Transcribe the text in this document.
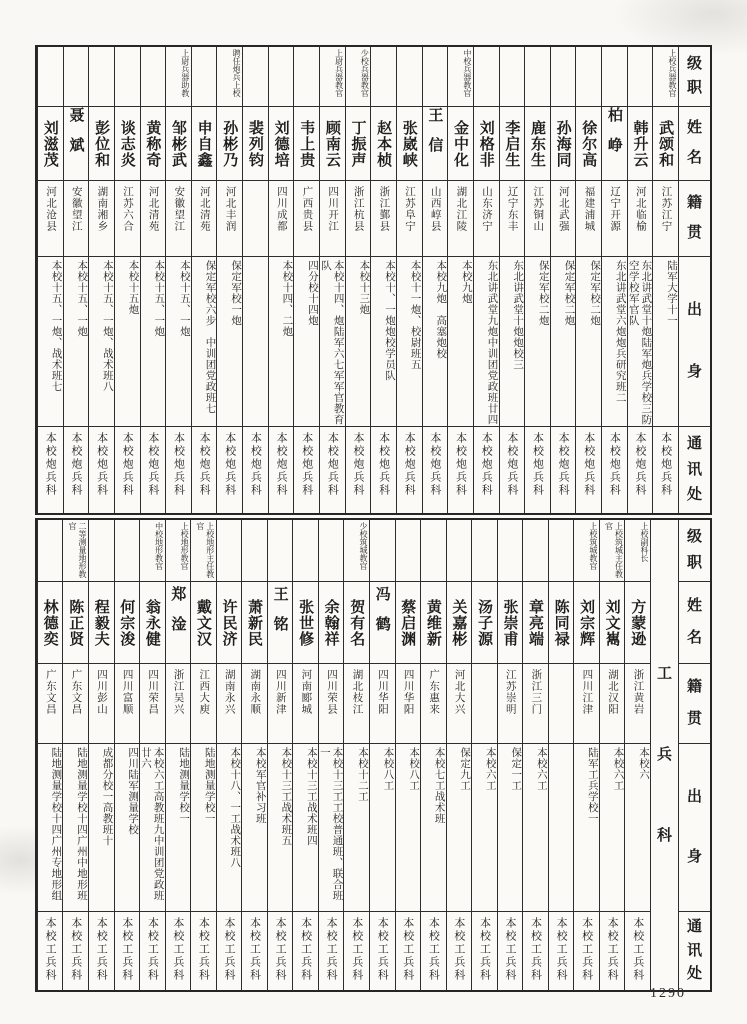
级
职
姓
名
籍
贯
出
身
通
讯
处
上校兵器教官
武颂和
江苏江宁
陆军大学十一
本校炮兵科
韩升云
河北临榆
东北讲武堂十炮陆军炮兵学校三防空学校军官队
本校炮兵科
柏峥
辽宁开源
东北讲武堂六炮炮兵研究班二
本校炮兵科
徐尔高
福建浦城
保定军校二炮
本校炮兵科
孙海同
河北武强
保定军校二炮
本校炮兵科
鹿东生
江苏铜山
保定军校二炮
本校炮兵科
李启生
辽宁东丰
东北讲武堂十炮炮校三
本校炮兵科
刘格非
山东济宁
东北讲武堂九炮中训团党政班廿四
本校炮兵科
中校兵器教官
金中化
湖北江陵
本校九炮
本校炮兵科
王信
山西崞县
本校九炮　高塞炮校
本校炮兵科
张崴峡
江苏阜宁
本校十一炮、校尉班五
本校炮兵科
赵本桢
浙江鄞县
本校十、一炮炮校学员队
本校炮兵科
少校兵器教官
丁振声
浙江杭县
本校十三炮
本校炮兵科
上尉兵器教官
顾南云
四川开江
本校十四、炮陆军六七军军官教育队
本校炮兵科
韦上贵
广西贵县
四分校十四炮
本校炮兵科
刘德培
四川成都
本校十四、二炮
本校炮兵科
裴列钧
本校炮兵科
聘任炮兵上校
孙彬乃
河北丰润
保定军校一炮
本校炮兵科
申自鑫
河北清苑
保定军校六步　中训团党政班七
本校炮兵科
上尉兵器助教
邹彬武
安徽望江
本校十五、一炮
本校炮兵科
黄称奇
河北清苑
本校十五、一炮
本校炮兵科
谈志炎
江苏六合
本校十五炮
本校炮兵科
彭位和
湖南湘乡
本校十五、一炮、战术班八
本校炮兵科
聂斌
安徽望江
本校十五、一炮
本校炮兵科
刘滋茂
河北沧县
本校十五、一炮、战术班七
本校炮兵科
级
职
姓
名
籍
贯
出
身
通
讯
处
工
兵
科
上校副科长
方蒙逊
浙江黄岩
本校六
本校工兵科
上校筑城主任教官
刘文嶲
湖北汉阳
本校六工
本校工兵科
上校筑城教官
刘宗辉
四川江津
陆军工兵学校一
本校工兵科
陈同禄
本校工兵科
章亮端
浙江三门
本校六工
本校工兵科
张崇甫
江苏崇明
保定一工
本校工兵科
汤子源
本校六工
本校工兵科
关嘉彬
河北大兴
保定九工
本校工兵科
黄维新
广东惠来
本校七工战术班
本校工兵科
蔡启渊
四川华阳
本校八工
本校工兵科
冯鹤
四川华阳
本校八工
本校工兵科
少校筑城教官
贺有名
湖北枝江
本校十二工
本校工兵科
余翰祥
四川荣县
本校十三工工校普通班、联合班一
本校工兵科
张世修
河南郾城
本校十三工战术班四
本校工兵科
王铭
四川新津
本校十三工战术班五
本校工兵科
萧新民
湖南永顺
本校军官补习班
本校工兵科
许民济
湖南永兴
本校十八、一工战术班八
本校工兵科
上校地形主任教官
戴文汉
江西大庾
陆地测量学校一
本校工兵科
上校地形教官
郑淦
浙江吴兴
陆地测量学校一
本校工兵科
中校地形教官
翁永健
四川荣昌
本校六工高教班九中训团党政班廿六
本校工兵科
何宗浚
四川富顺
四川陆军测量学校
本校工兵科
程毅夫
四川彭山
成都分校一高教班十
本校工兵科
二等测量地形教官
陈正贤
广东文昌
陆地测量学校十四广州中地形班
本校工兵科
林德奕
广东文昌
陆地测量学校十四广州专地形组
本校工兵科
1290
